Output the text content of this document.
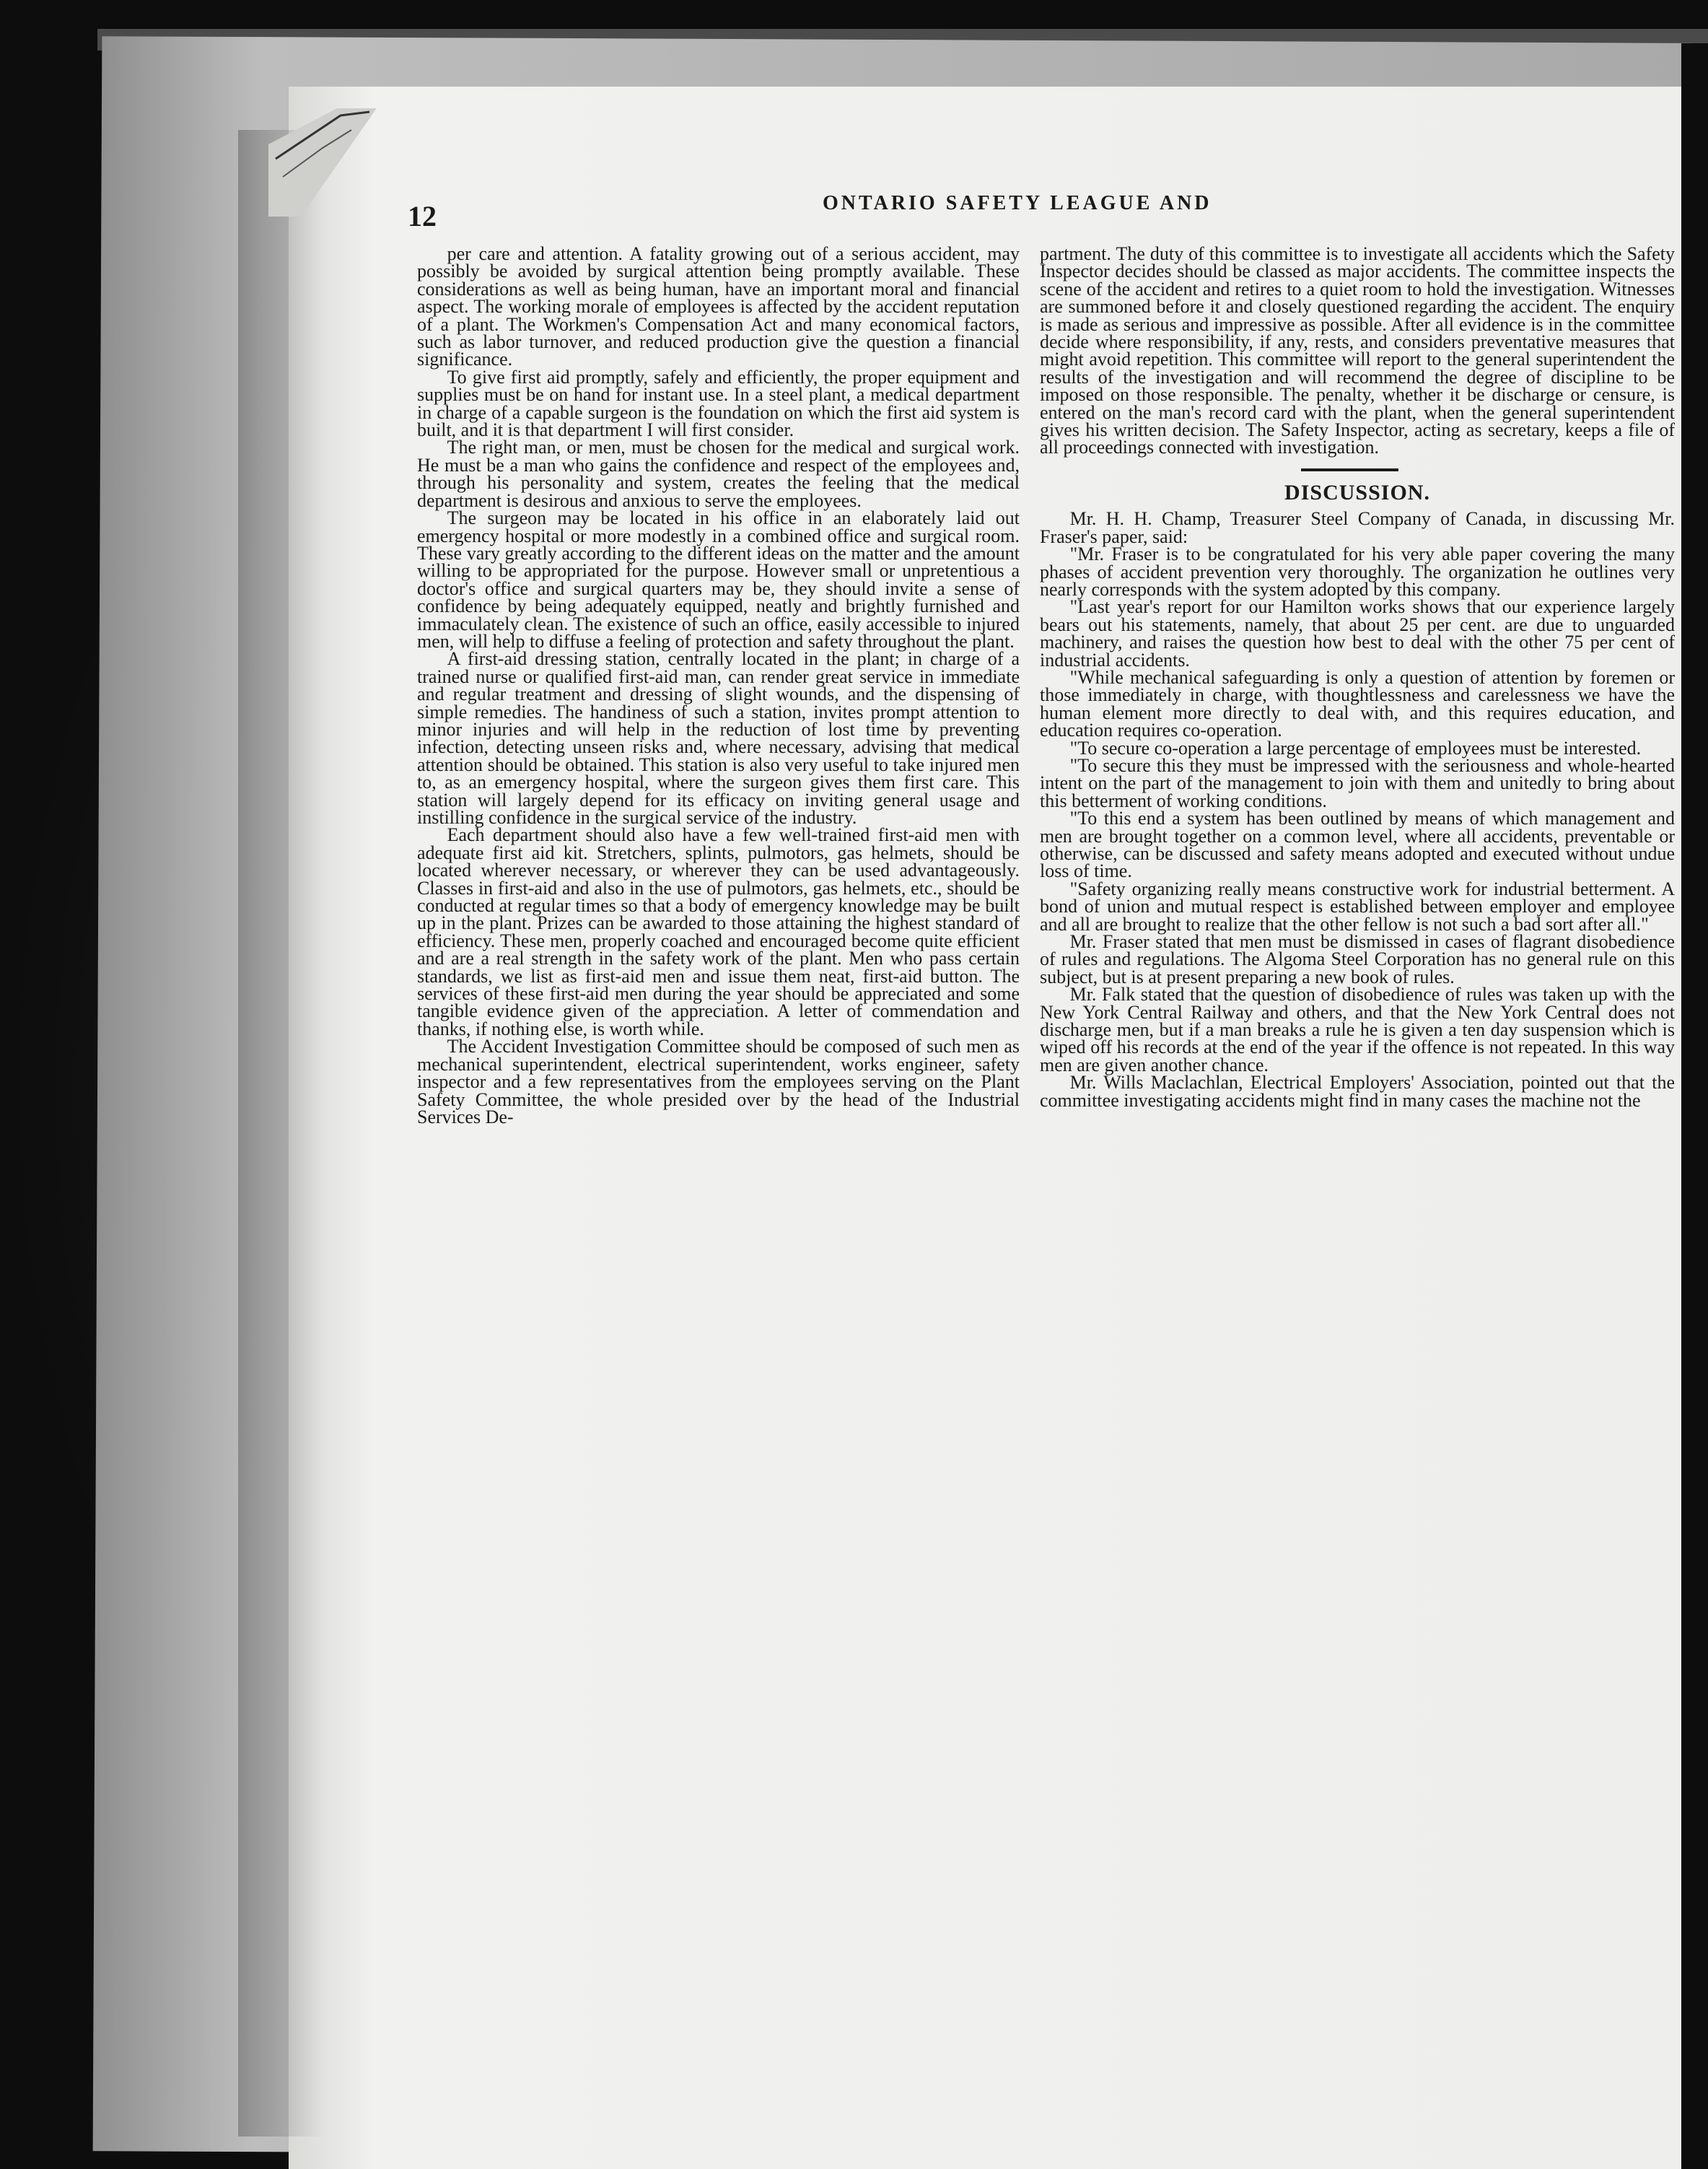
12	ONTARIO SAFETY LEAGUE AND

per care and attention. A fatality growing out of a serious accident, may possibly be avoided by surgical attention being promptly available. These considerations as well as being human, have an important moral and financial aspect. The working morale of employees is affected by the accident reputation of a plant. The Workmen's Compensation Act and many economical factors, such as labor turnover, and reduced production give the question a financial significance.

To give first aid promptly, safely and efficiently, the proper equipment and supplies must be on hand for instant use. In a steel plant, a medical department in charge of a capable surgeon is the foundation on which the first aid system is built, and it is that department I will first consider.

The right man, or men, must be chosen for the medical and surgical work. He must be a man who gains the confidence and respect of the employees and, through his personality and system, creates the feeling that the medical department is desirous and anxious to serve the employees.

The surgeon may be located in his office in an elaborately laid out emergency hospital or more modestly in a combined office and surgical room. These vary greatly according to the different ideas on the matter and the amount willing to be appropriated for the purpose. However small or unpretentious a doctor's office and surgical quarters may be, they should invite a sense of confidence by being adequately equipped, neatly and brightly furnished and immaculately clean. The existence of such an office, easily accessible to injured men, will help to diffuse a feeling of protection and safety throughout the plant.

A first-aid dressing station, centrally located in the plant; in charge of a trained nurse or qualified first-aid man, can render great service in immediate and regular treatment and dressing of slight wounds, and the dispensing of simple remedies. The handiness of such a station, invites prompt attention to minor injuries and will help in the reduction of lost time by preventing infection, detecting unseen risks and, where necessary, advising that medical attention should be obtained. This station is also very useful to take injured men to, as an emergency hospital, where the surgeon gives them first care. This station will largely depend for its efficacy on inviting general usage and instilling confidence in the surgical service of the industry.

Each department should also have a few well-trained first-aid men with adequate first aid kit. Stretchers, splints, pulmotors, gas helmets, should be located wherever necessary, or wherever they can be used advantageously. Classes in first-aid and also in the use of pulmotors, gas helmets, etc., should be conducted at regular times so that a body of emergency knowledge may be built up in the plant. Prizes can be awarded to those attaining the highest standard of efficiency. These men, properly coached and encouraged become quite efficient and are a real strength in the safety work of the plant. Men who pass certain standards, we list as first-aid men and issue them neat, first-aid button. The services of these first-aid men during the year should be appreciated and some tangible evidence given of the appreciation. A letter of commendation and thanks, if nothing else, is worth while.

The Accident Investigation Committee should be composed of such men as mechanical superintendent, electrical superintendent, works engineer, safety inspector and a few representatives from the employees serving on the Plant Safety Committee, the whole presided over by the head of the Industrial Services De-

partment. The duty of this committee is to investigate all accidents which the Safety Inspector decides should be classed as major accidents. The committee inspects the scene of the accident and retires to a quiet room to hold the investigation. Witnesses are summoned before it and closely questioned regarding the accident. The enquiry is made as serious and impressive as possible. After all evidence is in the committee decide where responsibility, if any, rests, and considers preventative measures that might avoid repetition. This committee will report to the general superintendent the results of the investigation and will recommend the degree of discipline to be imposed on those responsible. The penalty, whether it be discharge or censure, is entered on the man's record card with the plant, when the general superintendent gives his written decision. The Safety Inspector, acting as secretary, keeps a file of all proceedings connected with investigation.

DISCUSSION.

Mr. H. H. Champ, Treasurer Steel Company of Canada, in discussing Mr. Fraser's paper, said:

"Mr. Fraser is to be congratulated for his very able paper covering the many phases of accident prevention very thoroughly. The organization he outlines very nearly corresponds with the system adopted by this company.

"Last year's report for our Hamilton works shows that our experience largely bears out his statements, namely, that about 25 per cent. are due to unguarded machinery, and raises the question how best to deal with the other 75 per cent of industrial accidents.

"While mechanical safeguarding is only a question of attention by foremen or those immediately in charge, with thoughtlessness and carelessness we have the human element more directly to deal with, and this requires education, and education requires co-operation.

"To secure co-operation a large percentage of employees must be interested.

"To secure this they must be impressed with the seriousness and whole-hearted intent on the part of the management to join with them and unitedly to bring about this betterment of working conditions.

"To this end a system has been outlined by means of which management and men are brought together on a common level, where all accidents, preventable or otherwise, can be discussed and safety means adopted and executed without undue loss of time.

"Safety organizing really means constructive work for industrial betterment. A bond of union and mutual respect is established between employer and employee and all are brought to realize that the other fellow is not such a bad sort after all."

Mr. Fraser stated that men must be dismissed in cases of flagrant disobedience of rules and regulations. The Algoma Steel Corporation has no general rule on this subject, but is at present preparing a new book of rules.

Mr. Falk stated that the question of disobedience of rules was taken up with the New York Central Railway and others, and that the New York Central does not discharge men, but if a man breaks a rule he is given a ten day suspension which is wiped off his records at the end of the year if the offence is not repeated. In this way men are given another chance.

Mr. Wills Maclachlan, Electrical Employers' Association, pointed out that the committee investigating accidents might find in many cases the machine not the
